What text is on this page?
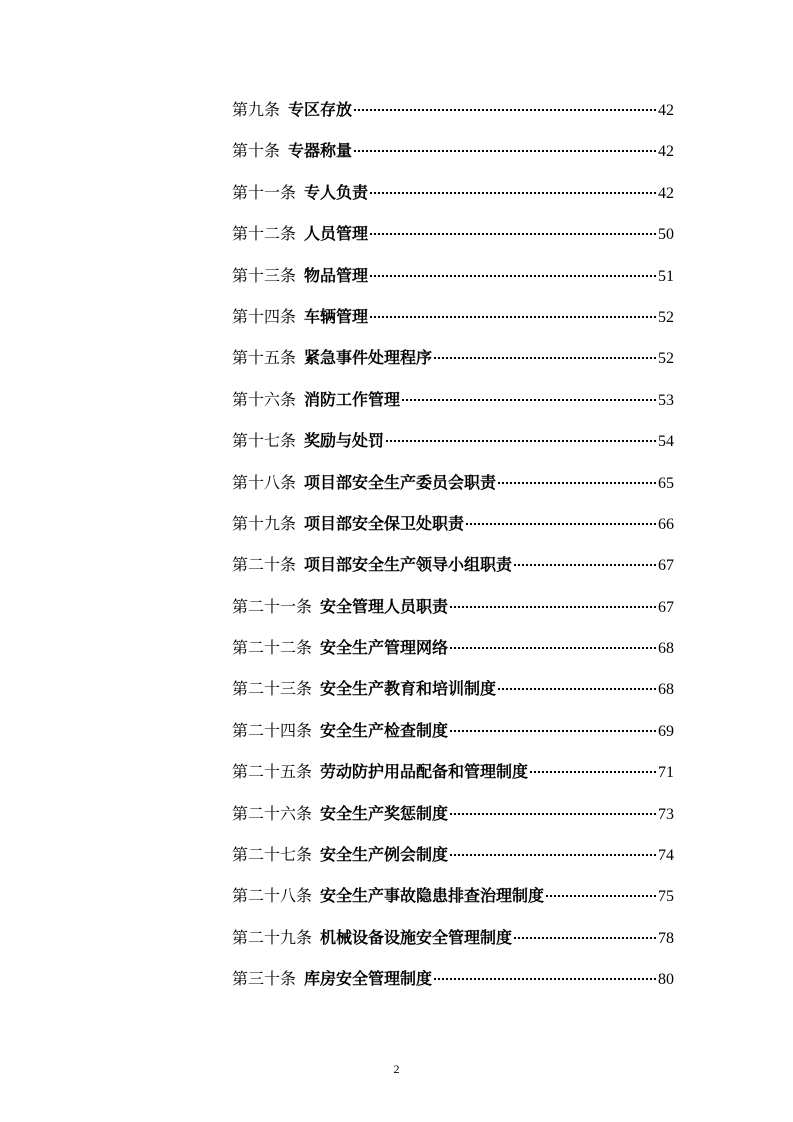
第九条 专区存放	42
第十条 专器称量	42
第十一条 专人负责	42
第十二条 人员管理	50
第十三条 物品管理	51
第十四条 车辆管理	52
第十五条 紧急事件处理程序	52
第十六条 消防工作管理	53
第十七条 奖励与处罚	54
第十八条 项目部安全生产委员会职责	65
第十九条 项目部安全保卫处职责	66
第二十条 项目部安全生产领导小组职责	67
第二十一条 安全管理人员职责	67
第二十二条 安全生产管理网络	68
第二十三条 安全生产教育和培训制度	68
第二十四条 安全生产检查制度	69
第二十五条 劳动防护用品配备和管理制度	71
第二十六条 安全生产奖惩制度	73
第二十七条 安全生产例会制度	74
第二十八条 安全生产事故隐患排查治理制度	75
第二十九条 机械设备设施安全管理制度	78
第三十条 库房安全管理制度	80
2
